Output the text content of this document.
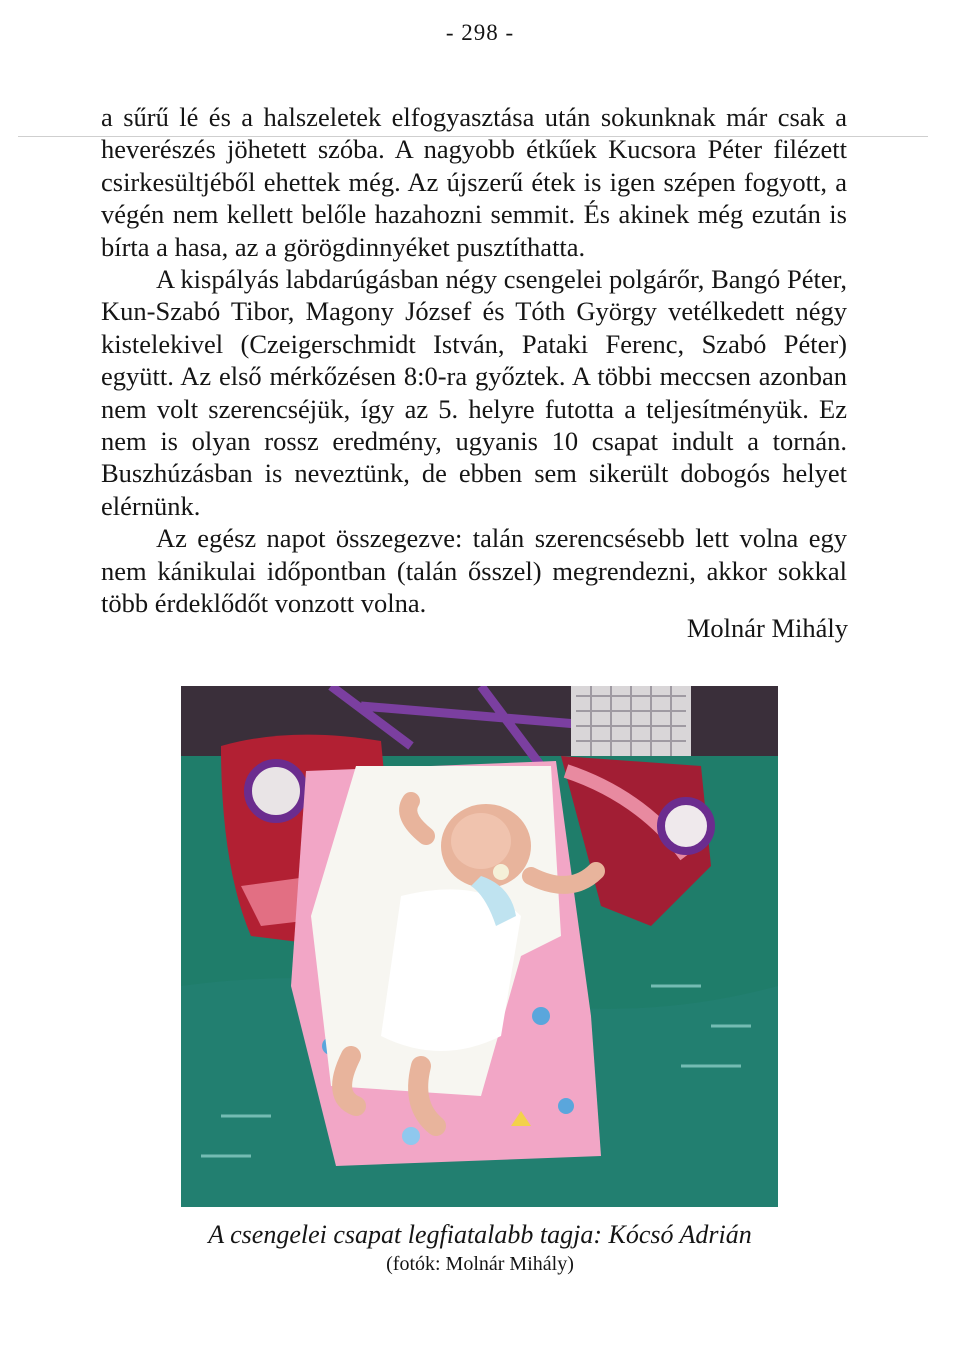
- 298 -

a sűrű lé és a halszeletek elfogyasztása után sokunknak már csak a heverészés jöhetett szóba. A nagyobb étkűek Kucsora Péter filézett csirkesültjéből ehettek még. Az újszerű étek is igen szépen fogyott, a végén nem kellett belőle hazahozni semmit. És akinek még ezután is bírta a hasa, az a görögdinnyéket pusztíthatta.

A kispályás labdarúgásban négy csengelei polgárőr, Bangó Péter, Kun-Szabó Tibor, Magony József és Tóth György vetélkedett négy kistelekivel (Czeigerschmidt István, Pataki Ferenc, Szabó Péter) együtt. Az első mérkőzésen 8:0-ra győztek. A többi meccsen azonban nem volt szerencséjük, így az 5. helyre futotta a teljesítményük. Ez nem is olyan rossz eredmény, ugyanis 10 csapat indult a tornán. Buszhúzásban is neveztünk, de ebben sem sikerült dobogós helyet elérnünk.

Az egész napot összegezve: talán szerencsésebb lett volna egy nem kánikulai időpontban (talán ősszel) megrendezni, akkor sokkal több érdeklődőt vonzott volna.

Molnár Mihály
A csengelei csapat legfiatalabb tagja: Kócsó Adrián
(fotók: Molnár Mihály)
